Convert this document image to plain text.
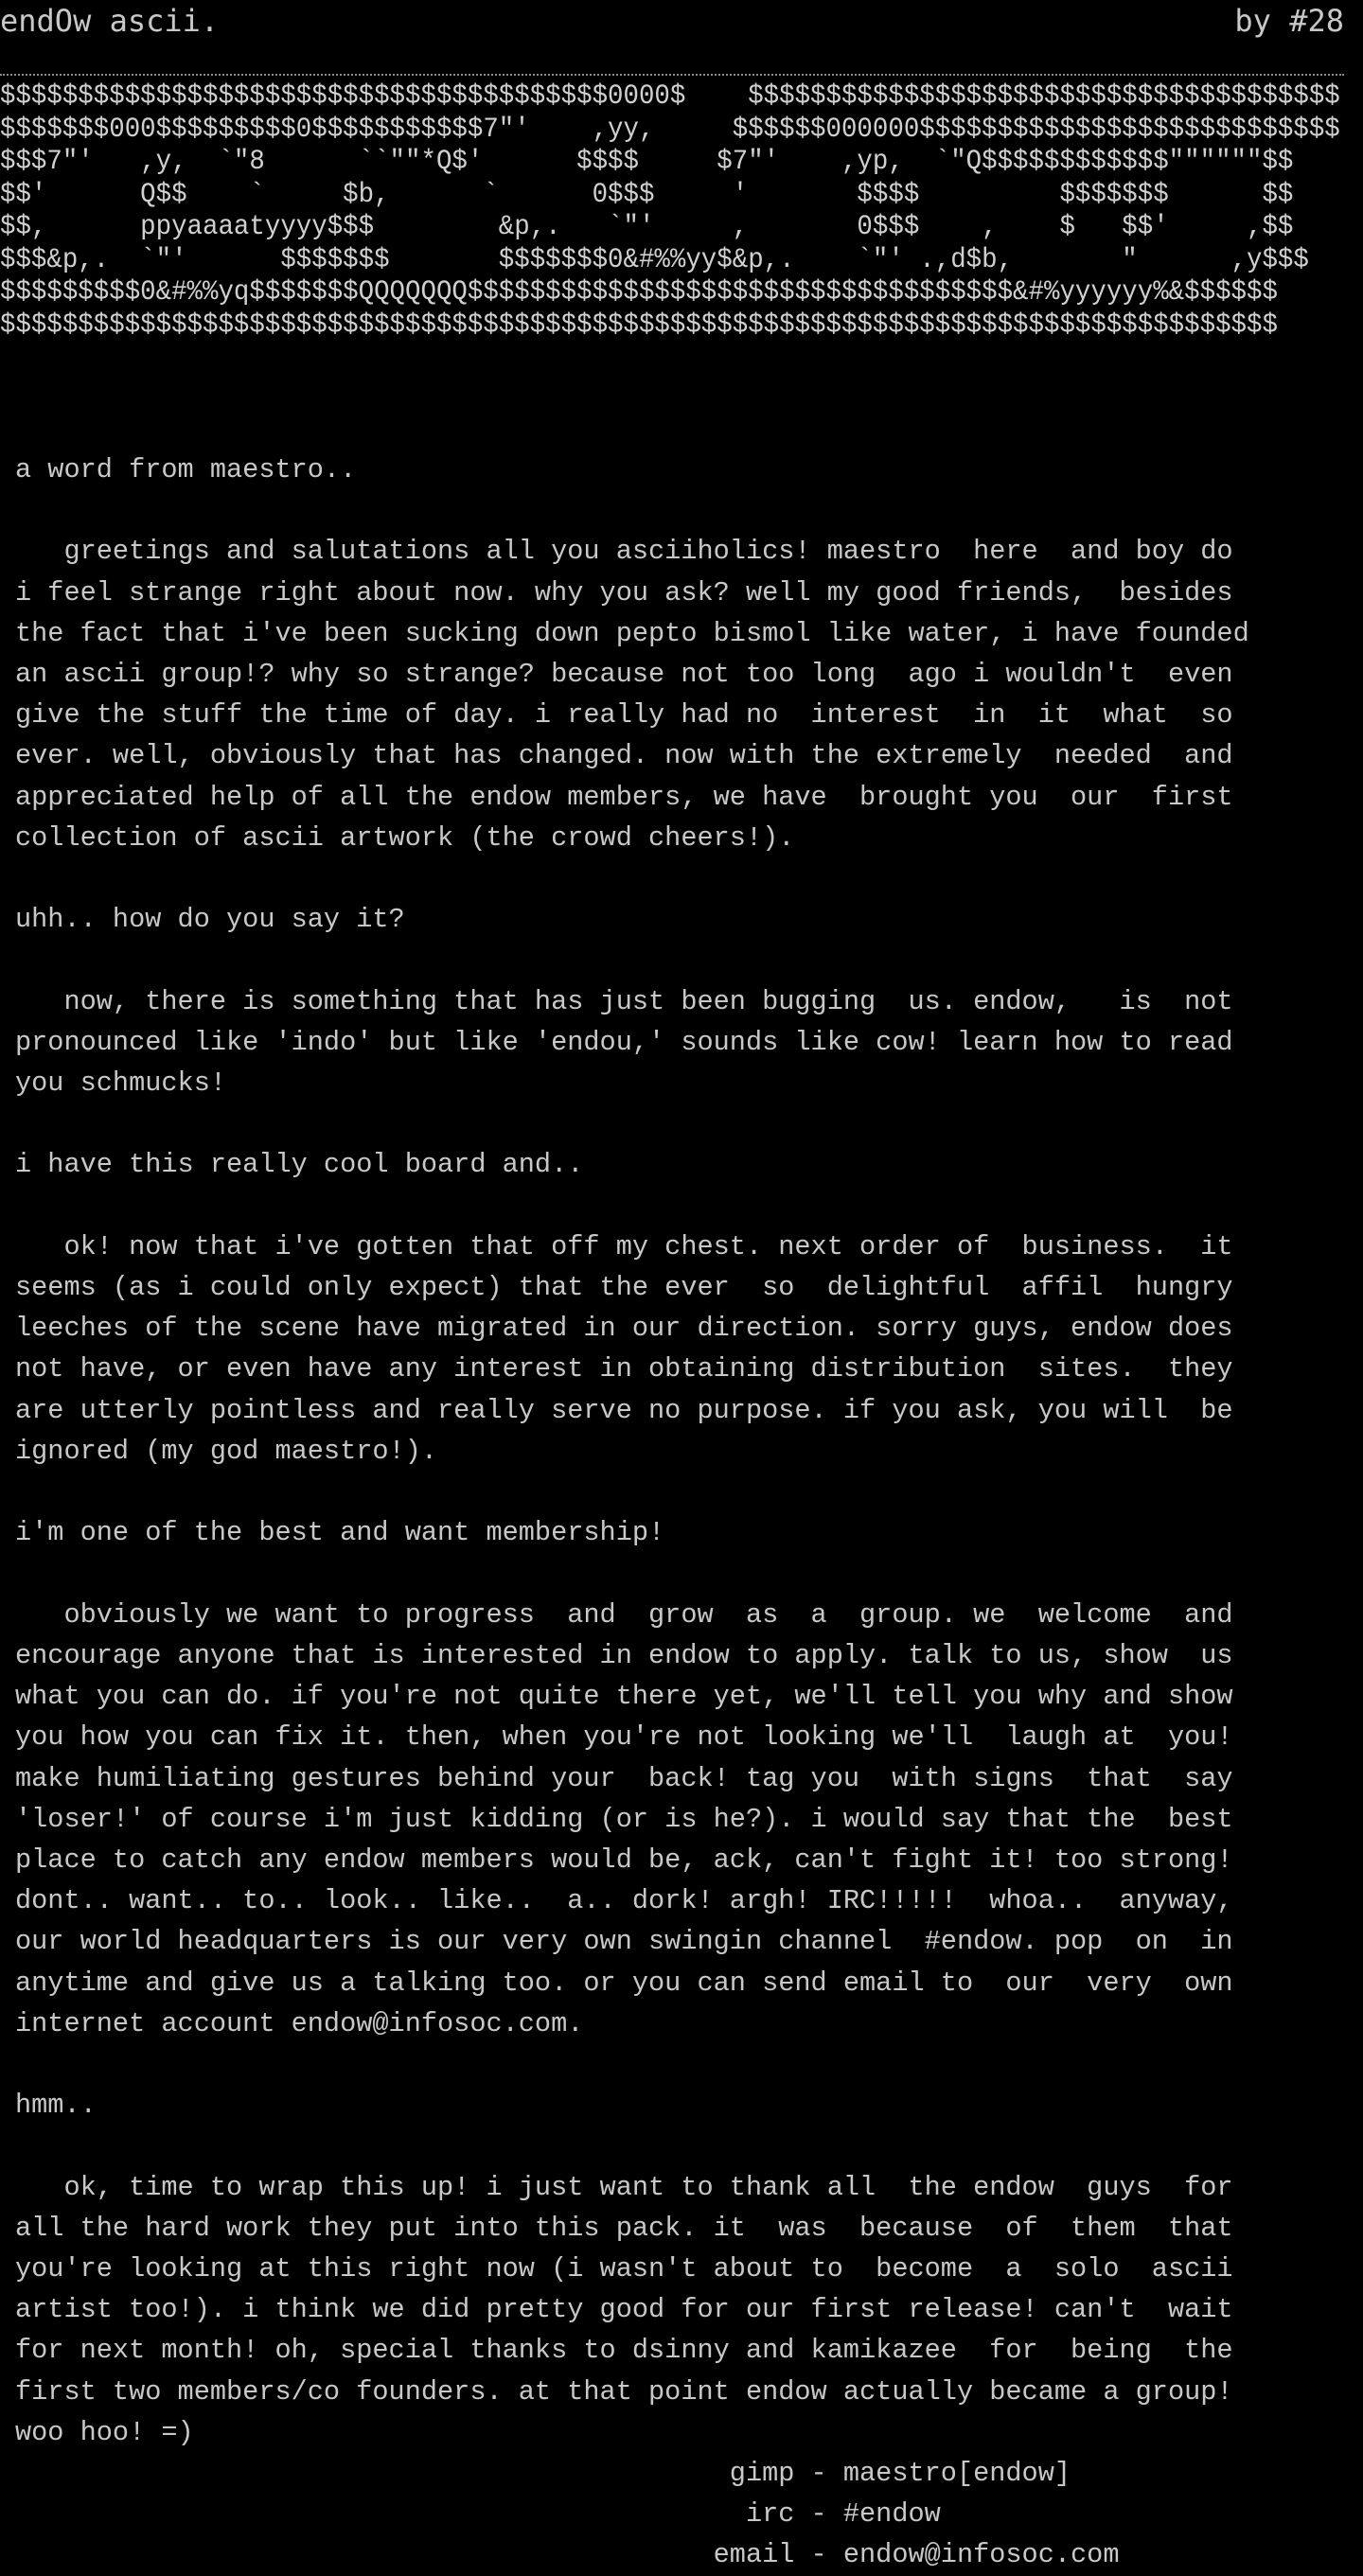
endOw ascii.	by #28
$$$$$$$$$$$$$$$$$$$$$$$$$$$$$$$$$$$$$$$0000$    $$$$$$$$$$$$$$$$$$$$$$$$$$$$$$$$$$$$$$
$$$$$$$000$$$$$$$$$0$$$$$$$$$$$7"'    ,yy,     $$$$$$000000$$$$$$$$$$$$$$$$$$$$$$$$$$$
$$$7"'   ,y,  `"8      ``""*Q$'      $$$$     $7"'    ,yp,  `"Q$$$$$$$$$$$$""""""$$
$$'      Q$$    `     $b,      `      0$$$     '       $$$$         $$$$$$$      $$
$$,      ppyaaaatyyyy$$$        &p,.   `"'     ,       0$$$    ,    $   $$'     ,$$
$$$&p,.  `"'      $$$$$$$       $$$$$$$0&#%%yy$&p,.    `"' .,d$b,       "      ,y$$$
$$$$$$$$$0&#%%yq$$$$$$$QQQQQQQ$$$$$$$$$$$$$$$$$$$$$$$$$$$$$$$$$$$&#%yyyyyy%&$$$$$$
$$$$$$$$$$$$$$$$$$$$$$$$$$$$$$$$$$$$$$$$$$$$$$$$$$$$$$$$$$$$$$$$$$$$$$$$$$$$$$$$$$
a word from maestro..

greetings and salutations all you asciiholics! maestro  here  and boy do
i feel strange right about now. why you ask? well my good friends,  besides
the fact that i've been sucking down pepto bismol like water, i have founded
an ascii group!? why so strange? because not too long  ago i wouldn't  even
give the stuff the time of day. i really had no  interest  in  it  what  so
ever. well, obviously that has changed. now with the extremely  needed  and
appreciated help of all the endow members, we have  brought you  our  first
collection of ascii artwork (the crowd cheers!).

uhh.. how do you say it?

now, there is something that has just been bugging  us. endow,   is  not
pronounced like 'indo' but like 'endou,' sounds like cow! learn how to read
you schmucks!

i have this really cool board and..

ok! now that i've gotten that off my chest. next order of  business.  it
seems (as i could only expect) that the ever  so  delightful  affil  hungry
leeches of the scene have migrated in our direction. sorry guys, endow does
not have, or even have any interest in obtaining distribution  sites.  they
are utterly pointless and really serve no purpose. if you ask, you will  be
ignored (my god maestro!).

i'm one of the best and want membership!

obviously we want to progress  and  grow  as  a  group. we  welcome  and
encourage anyone that is interested in endow to apply. talk to us, show  us
what you can do. if you're not quite there yet, we'll tell you why and show
you how you can fix it. then, when you're not looking we'll  laugh at  you!
make humiliating gestures behind your  back! tag you  with signs  that  say
'loser!' of course i'm just kidding (or is he?). i would say that the  best
place to catch any endow members would be, ack, can't fight it! too strong!
dont.. want.. to.. look.. like..  a.. dork! argh! IRC!!!!!  whoa..  anyway,
our world headquarters is our very own swingin channel  #endow. pop  on  in
anytime and give us a talking too. or you can send email to  our  very  own
internet account endow@infosoc.com.

hmm..

ok, time to wrap this up! i just want to thank all  the endow  guys  for
all the hard work they put into this pack. it  was  because  of  them  that
you're looking at this right now (i wasn't about to  become  a  solo  ascii
artist too!). i think we did pretty good for our first release! can't  wait
for next month! oh, special thanks to dsinny and kamikazee  for  being  the
first two members/co founders. at that point endow actually became a group!
woo hoo! =)
gimp - maestro[endow]
irc - #endow
email - endow@infosoc.com
